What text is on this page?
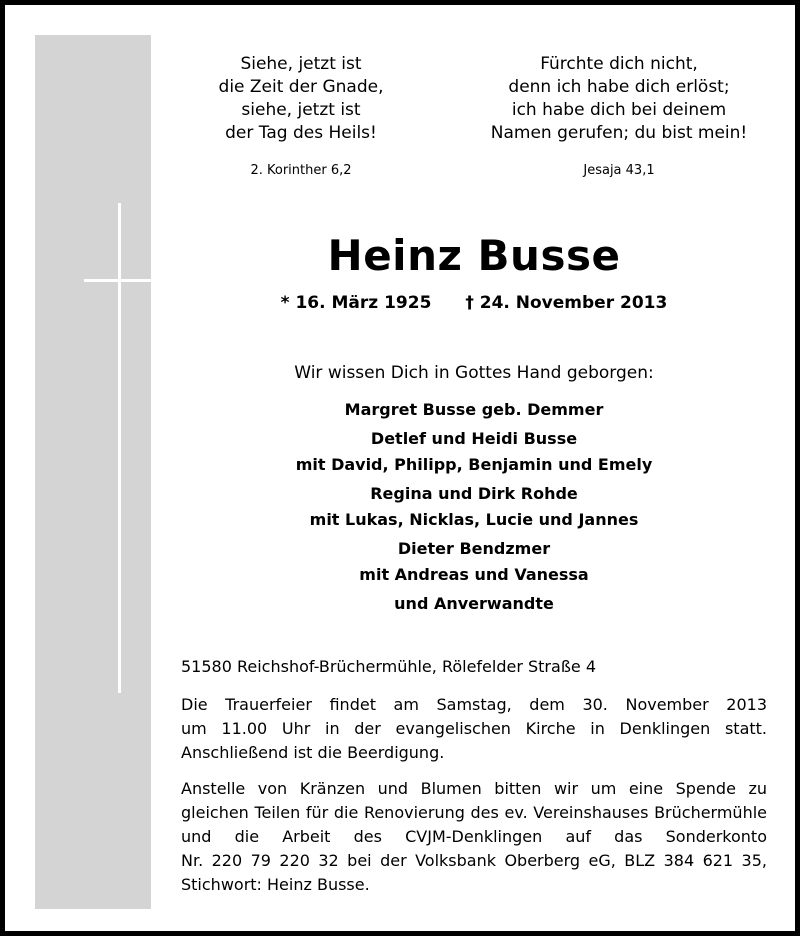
Siehe, jetzt ist
die Zeit der Gnade,
siehe, jetzt ist
der Tag des Heils!
2. Korinther 6,2
Fürchte dich nicht,
denn ich habe dich erlöst;
ich habe dich bei deinem
Namen gerufen; du bist mein!
Jesaja 43,1
Heinz Busse
* 16. März 1925 † 24. November 2013
Wir wissen Dich in Gottes Hand geborgen:
Margret Busse geb. Demmer
Detlef und Heidi Busse
mit David, Philipp, Benjamin und Emely
Regina und Dirk Rohde
mit Lukas, Nicklas, Lucie und Jannes
Dieter Bendzmer
mit Andreas und Vanessa
und Anverwandte
51580 Reichshof-Brüchermühle, Rölefelder Straße 4
Die Trauerfeier findet am Samstag, dem 30. November 2013
um 11.00 Uhr in der evangelischen Kirche in Denklingen statt.
Anschließend ist die Beerdigung.
Anstelle von Kränzen und Blumen bitten wir um eine Spende zu
gleichen Teilen für die Renovierung des ev. Vereinshauses Brüchermühle
und die Arbeit des CVJM-Denklingen auf das Sonderkonto
Nr. 220 79 220 32 bei der Volksbank Oberberg eG, BLZ 384 621 35,
Stichwort: Heinz Busse.
